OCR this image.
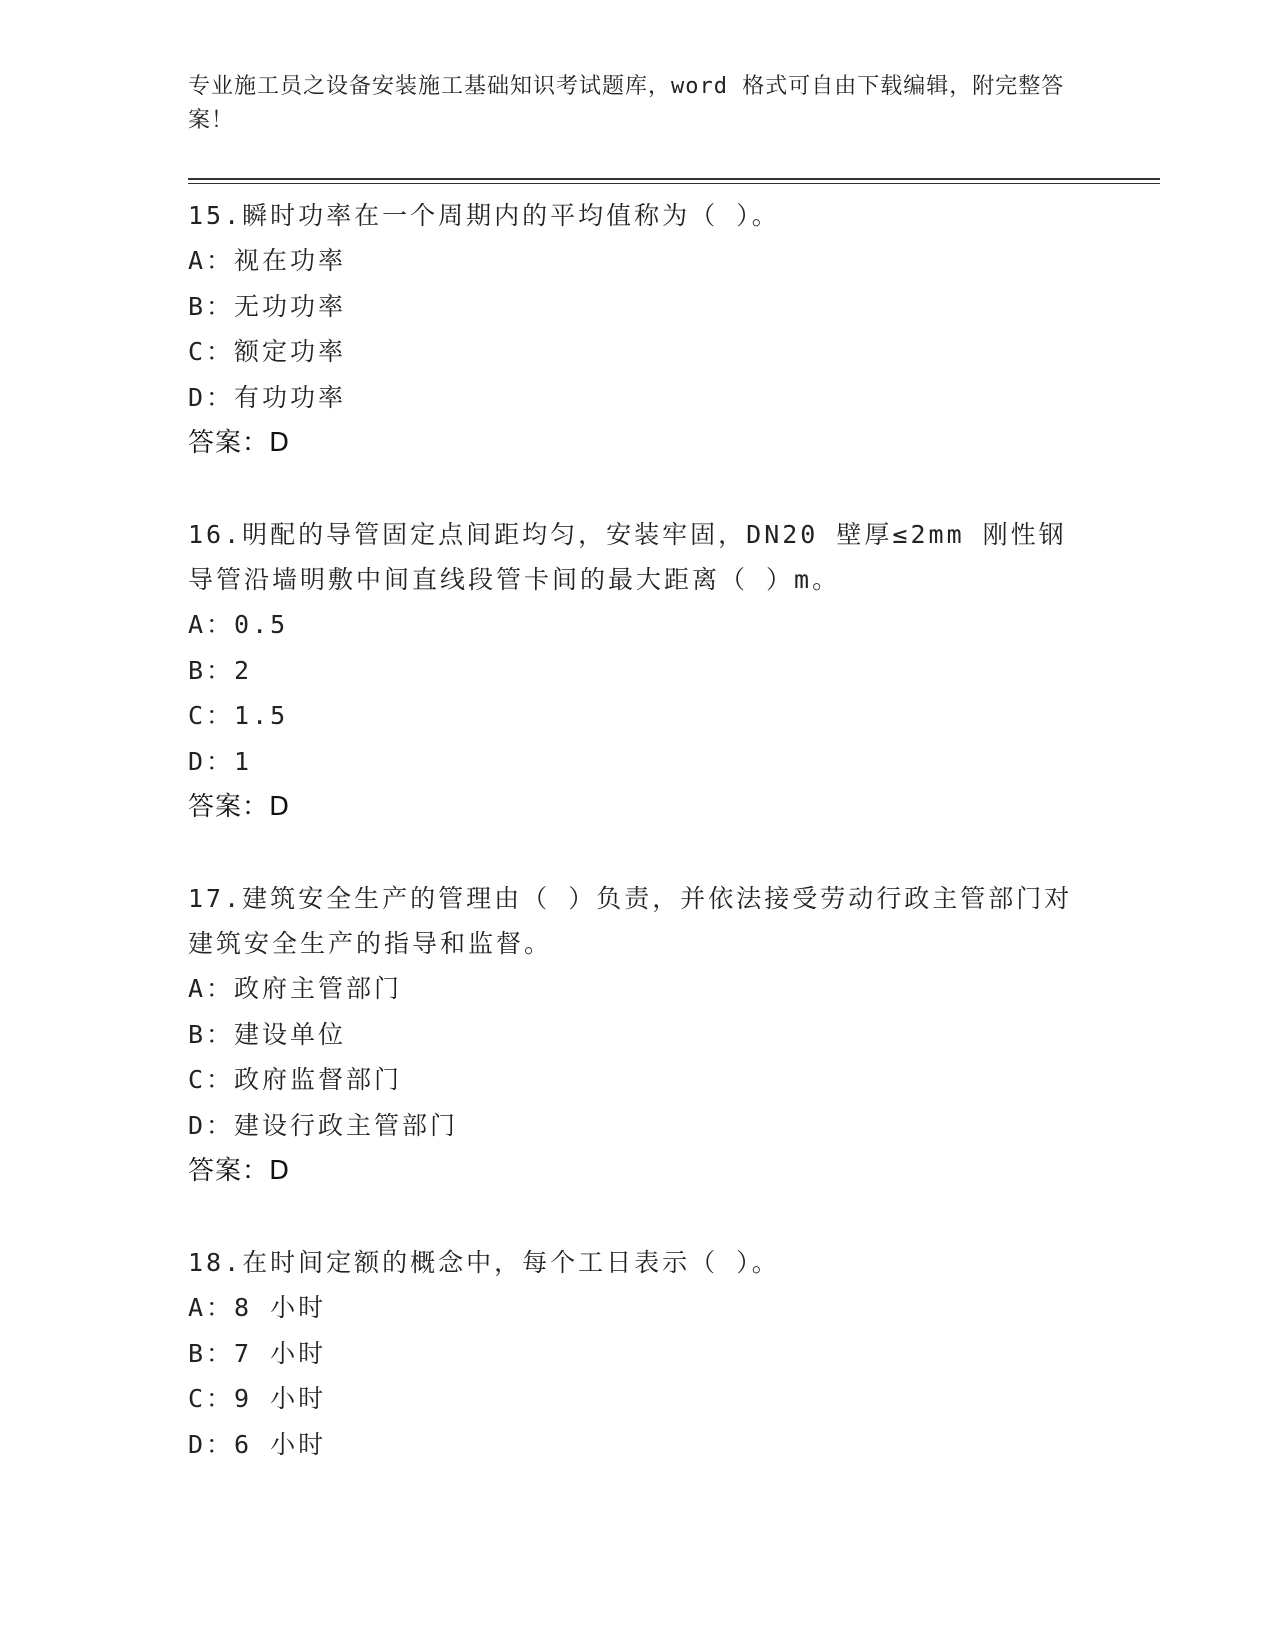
专业施工员之设备安装施工基础知识考试题库，word 格式可自由下载编辑，附完整答案！
15.瞬时功率在一个周期内的平均值称为（ ）。
A：视在功率
B：无功功率
C：额定功率
D：有功功率
答案：D
16.明配的导管固定点间距均匀，安装牢固，DN20 壁厚≤2mm 刚性钢导管沿墙明敷中间直线段管卡间的最大距离（ ）m。
A：0.5
B：2
C：1.5
D：1
答案：D
17.建筑安全生产的管理由（ ）负责，并依法接受劳动行政主管部门对建筑安全生产的指导和监督。
A：政府主管部门
B：建设单位
C：政府监督部门
D：建设行政主管部门
答案：D
18.在时间定额的概念中，每个工日表示（ ）。
A：8 小时
B：7 小时
C：9 小时
D：6 小时
